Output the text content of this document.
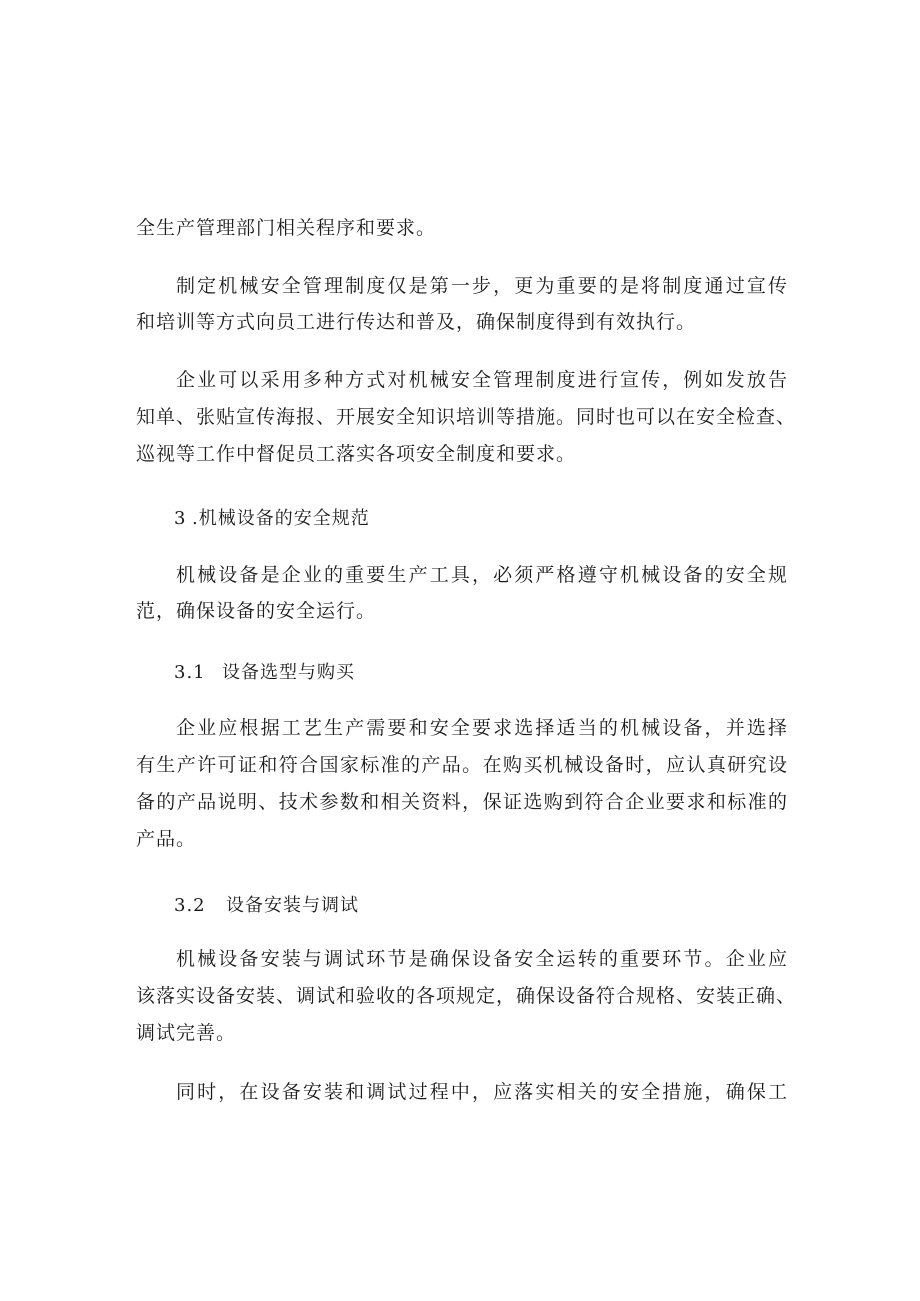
全生产管理部门相关程序和要求。
制定机械安全管理制度仅是第一步，更为重要的是将制度通过宣传
和培训等方式向员工进行传达和普及，确保制度得到有效执行。
企业可以采用多种方式对机械安全管理制度进行宣传，例如发放告
知单、张贴宣传海报、开展安全知识培训等措施。同时也可以在安全检查、
巡视等工作中督促员工落实各项安全制度和要求。
3 .机械设备的安全规范
机械设备是企业的重要生产工具，必须严格遵守机械设备的安全规
范，确保设备的安全运行。
3.1 设备选型与购买
企业应根据工艺生产需要和安全要求选择适当的机械设备，并选择
有生产许可证和符合国家标准的产品。在购买机械设备时，应认真研究设
备的产品说明、技术参数和相关资料，保证选购到符合企业要求和标准的
产品。
3.2 设备安装与调试
机械设备安装与调试环节是确保设备安全运转的重要环节。企业应
该落实设备安装、调试和验收的各项规定，确保设备符合规格、安装正确、
调试完善。
同时，在设备安装和调试过程中，应落实相关的安全措施，确保工
